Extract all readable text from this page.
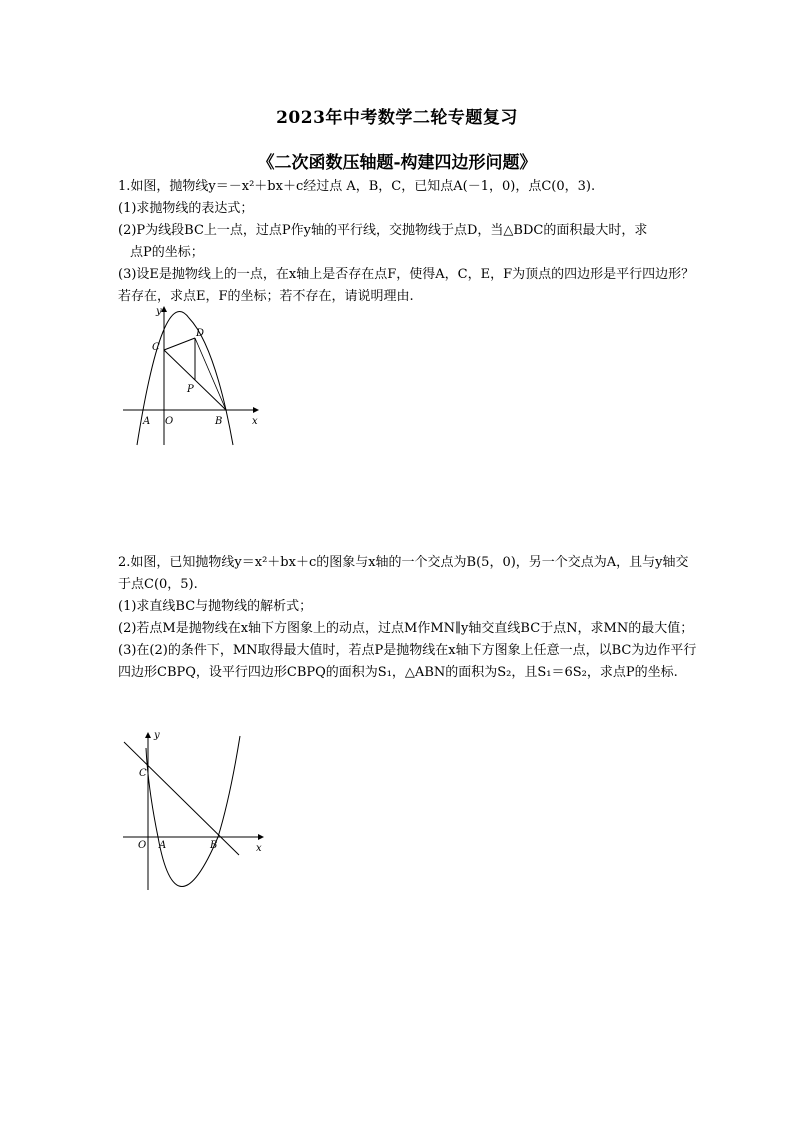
2023年中考数学二轮专题复习
《二次函数压轴题-构建四边形问题》

1.如图，抛物线y＝－x²＋bx＋c经过点 A，B，C，已知点A(－1，0)，点C(0，3).

(1)求抛物线的表达式；

(2)P为线段BC上一点，过点P作y轴的平行线，交抛物线于点D，当△BDC的面积最大时，求

点P的坐标；

(3)设E是抛物线上的一点，在x轴上是否存在点F，使得A，C，E，F为顶点的四边形是平行四边形？若存在，求点E，F的坐标；若不存在，请说明理由.

y
x
C
D
P
A O	B

2.如图，已知抛物线y＝x²＋bx＋c的图象与x轴的一个交点为B(5，0)，另一个交点为A，且与y轴交于点C(0，5).

(1)求直线BC与抛物线的解析式；

(2)若点M是抛物线在x轴下方图象上的动点，过点M作MN∥y轴交直线BC于点N，求MN的最大值；

(3)在(2)的条件下，MN取得最大值时，若点P是抛物线在x轴下方图象上任意一点，以BC为边作平行四边形CBPQ，设平行四边形CBPQ的面积为S₁，△ABN的面积为S₂，且S₁＝6S₂，求点P的坐标.

y
C
O A	B	x
